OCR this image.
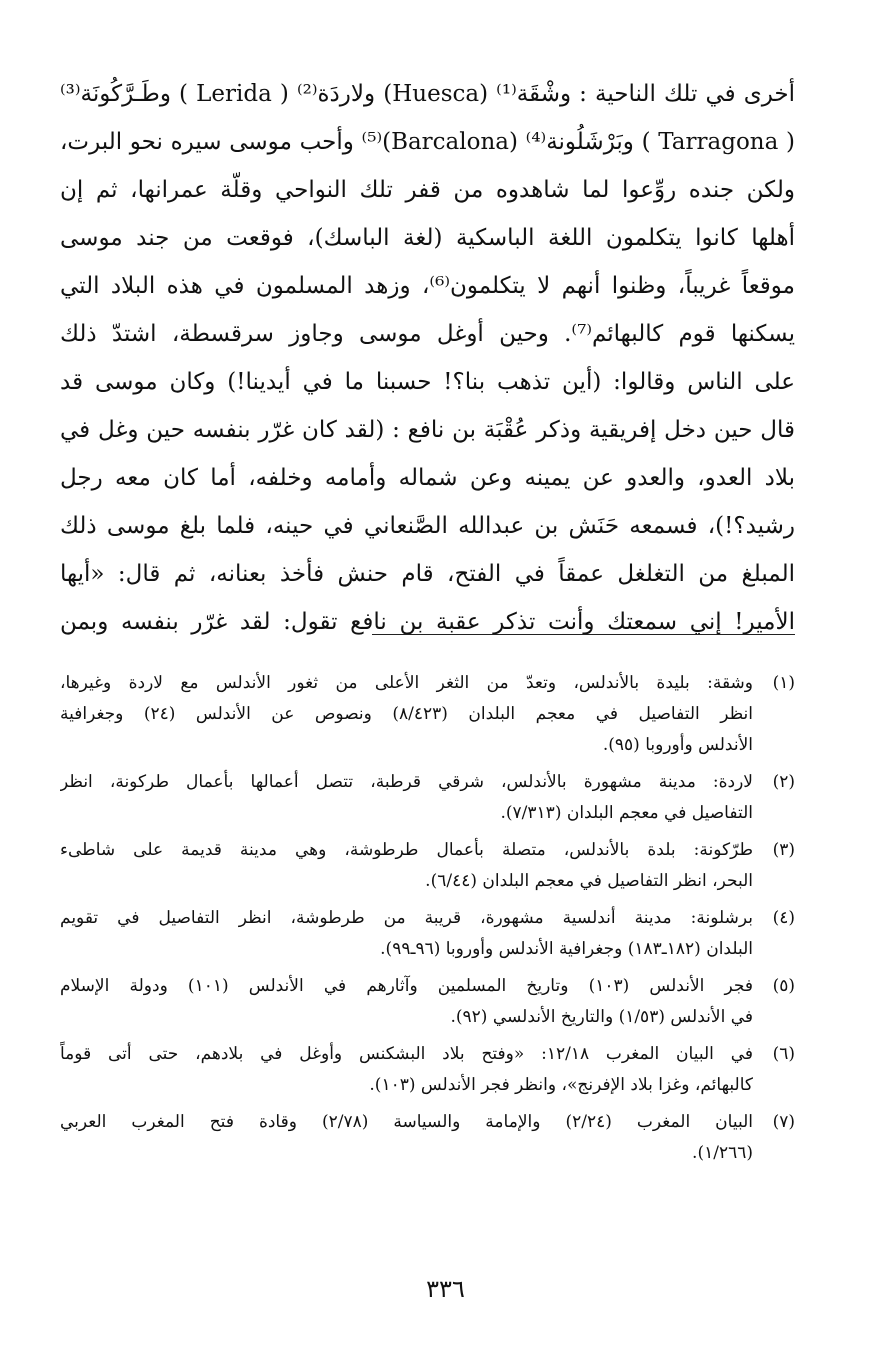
أخرى في تلك الناحية : وشْقَة⁽¹⁾ (Huesca) ولاردَة⁽²⁾ ( Lerida ) وطَـرَّكُونَة⁽³⁾
( Tarragona ) وبَرْشَلُونة⁽⁴⁾ (Barcalona)⁽⁵⁾ وأحب موسى سيره نحو البرت،
ولكن جنده روِّعوا لما شاهدوه من قفر تلك النواحي وقلّة عمرانها، ثم إن
أهلها كانوا يتكلمون اللغة الباسكية (لغة الباسك)، فوقعت من جند موسى
موقعاً غريباً، وظنوا أنهم لا يتكلمون⁽⁶⁾، وزهد المسلمون في هذه البلاد التي
يسكنها قوم كالبهائم⁽⁷⁾. وحين أوغل موسى وجاوز سرقسطة، اشتدّ ذلك
على الناس وقالوا: (أين تذهب بنا؟! حسبنا ما في أيدينا!) وكان موسى قد
قال حين دخل إفريقية وذكر عُقْبَة بن نافع : (لقد كان غرّر بنفسه حين وغل في
بلاد العدو، والعدو عن يمينه وعن شماله وأمامه وخلفه، أما كان معه رجل
رشيد؟!)، فسمعه حَنَش بن عبدالله الصَّنعاني في حينه، فلما بلغ موسى ذلك
المبلغ من التغلغل عمقاً في الفتح، قام حنش فأخذ بعنانه، ثم قال: «أيها
الأمير! إني سمعتك وأنت تذكر عقبة بن نافع تقول: لقد غرّر بنفسه وبمن
(١)
وشقة: بليدة بالأندلس، وتعدّ من الثغر الأعلى من ثغور الأندلس مع لاردة وغيرها،
انظر التفاصيل في معجم البلدان (٨/٤٢٣) ونصوص عن الأندلس (٢٤) وجغرافية
الأندلس وأوروبا (٩٥).
(٢)
لاردة: مدينة مشهورة بالأندلس، شرقي قرطبة، تتصل أعمالها بأعمال طركونة، انظر
التفاصيل في معجم البلدان (٧/٣١٣).
(٣)
طرّكونة: بلدة بالأندلس، متصلة بأعمال طرطوشة، وهي مدينة قديمة على شاطىء
البحر، انظر التفاصيل في معجم البلدان (٦/٤٤).
(٤)
برشلونة: مدينة أندلسية مشهورة، قريبة من طرطوشة، انظر التفاصيل في تقويم
البلدان (١٨٢ـ١٨٣) وجغرافية الأندلس وأوروبا (٩٦ـ٩٩).
(٥)
فجر الأندلس (١٠٣) وتاريخ المسلمين وآثارهم في الأندلس (١٠١) ودولة الإسلام
في الأندلس (١/٥٣) والتاريخ الأندلسي (٩٢).
(٦)
في البيان المغرب ١٢/١٨: «وفتح بلاد البشكنس وأوغل في بلادهم، حتى أتى قوماً
كالبهائم، وغزا بلاد الإفرنج»، وانظر فجر الأندلس (١٠٣).
(٧)
البيان المغرب (٢/٢٤) والإمامة والسياسة (٢/٧٨) وقادة فتح المغرب العربي
(١/٢٦٦).
٣٣٦
